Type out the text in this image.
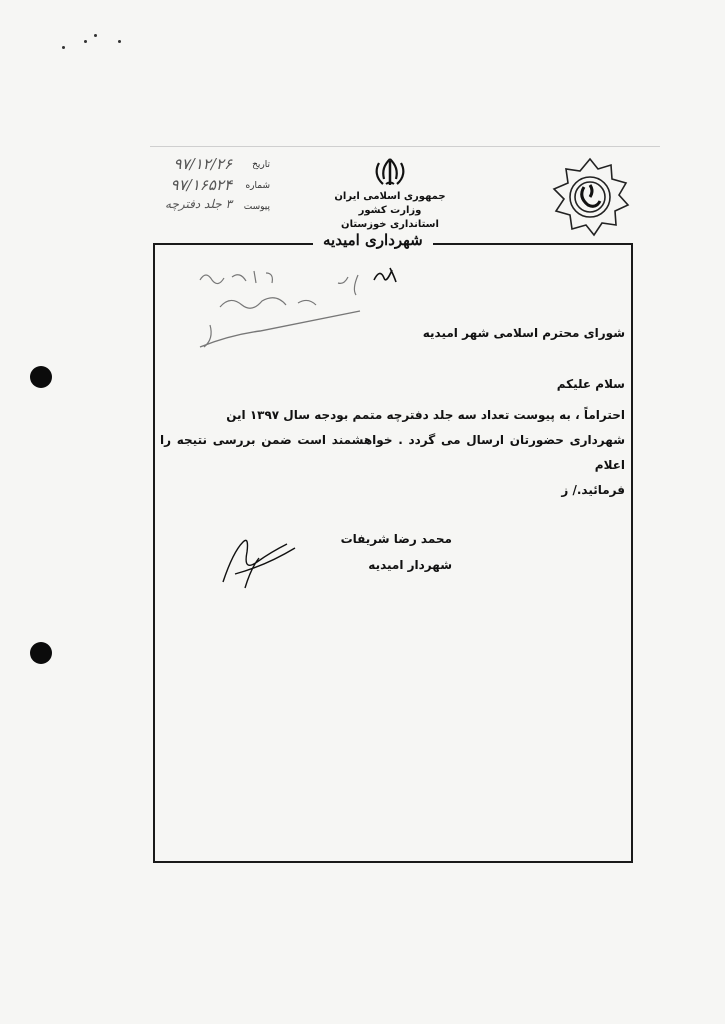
تاریخ
۹۷/۱۲/۲۶
شماره
۹۷/۱۶۵۲۴
پیوست
۳ جلد دفترچه
جمهوری اسلامی ایران
وزارت کشور
استانداری خوزستان
شهرداری امیدیه
شورای محترم اسلامی شهر امیدیه
سلام علیکم
احتراماً ، به پیوست تعداد سه جلد دفترچه متمم بودجه سال ۱۳۹۷ این
شهرداری حضورتان ارسال می گردد . خواهشمند است ضمن بررسی نتیجه را اعلام
فرمائید./ ز
محمد رضا شریفات
شهردار امیدیه
